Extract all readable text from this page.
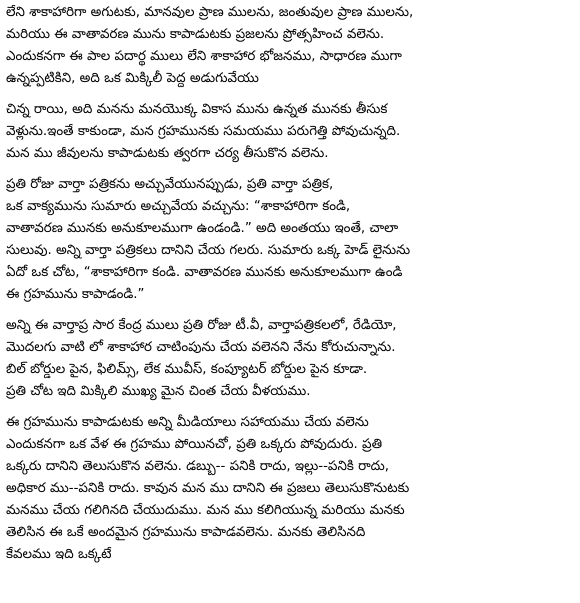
లేని శాకాహారిగా అగుటకు, మానవుల ప్రాణ ములను, జంతువుల ప్రాణ ములను,
మరియు ఈ వాతావరణ మును కాపాడుటకు ప్రజలను ప్రోత్సహించ వలెను.
ఎందుకనగా ఈ పాల పదార్థ ములు లేని శాకాహార భోజనము, సాధారణ ముగా
ఉన్నప్పటికిని, అది ఒక మిక్కిలీ పెద్ద అడుగువేయు
చిన్న రాయి, అది మనను మనయొక్క వికాస మును ఉన్నత మునకు తీసుక
వెళ్లును.ఇంతే కాకుండా, మన గ్రహమునకు సమయము పరుగెత్తి పోవుచున్నది.
మన ము జీవులను కాపాడుటకు త్వరగా చర్య తీసుకొన వలెను.
ప్రతి రోజు వార్తా పత్రికను అచ్చువేయునప్పుడు, ప్రతి వార్తా పత్రిక,
ఒక వాక్యమును సుమారు అచ్చువేయ వచ్చును: “శాకాహారిగా కండి,
వాతావరణ మునకు అనుకూలముగా ఉండండి.” అది అంతయు ఇంతే, చాలా
సులువు. అన్ని వార్తా పత్రికలు దానిని చేయ గలరు. సుమారు ఒక్క హెడ్ లైనును
ఏదో ఒక చోట, “శాకాహారిగా కండి. వాతావరణ మునకు అనుకూలముగా ఉండి
ఈ గ్రహమును కాపాడండి.”
అన్ని ఈ వార్తాప్ర సార కేంద్ర ములు ప్రతి రోజు టీ.వీ, వార్తాపత్రికలలో, రేడియో,
మొదలగు వాటి లో శాకాహార చాటింపును చేయ వలెనని నేను కోరుచున్నాను.
బిల్ బోర్డుల పైన, ఫిలిమ్స్, లేక మువీస్, కంప్యూటర్ బోర్డుల పైన కూడా.
ప్రతి చోట ఇది మిక్కిలి ముఖ్య మైన చింత చేయ వీళయము.
ఈ గ్రహమును కాపాడుటకు అన్ని మీడియాలు సహాయము చేయ వలెను
ఎందుకనగా ఒక వేళ ఈ గ్రహము పోయినచో, ప్రతి ఒక్కరు పోవుదురు. ప్రతి
ఒక్కరు దానిని తెలుసుకొన వలెను. డబ్బు-- పనికి రాదు, ఇల్లు--పనికి రాదు,
అధికార ము--పనికి రాదు. కావున మన ము దానిని ఈ ప్రజలు తెలుసుకొనుటకు
మనము చేయ గలిగినది చేయుదుము. మన ము కలిగియున్న మరియు మనకు
తెలిసిన ఈ ఒకే అందమైన గ్రహమును కాపాడవలెను. మనకు తెలిసినది
కేవలము ఇది ఒక్కటే
